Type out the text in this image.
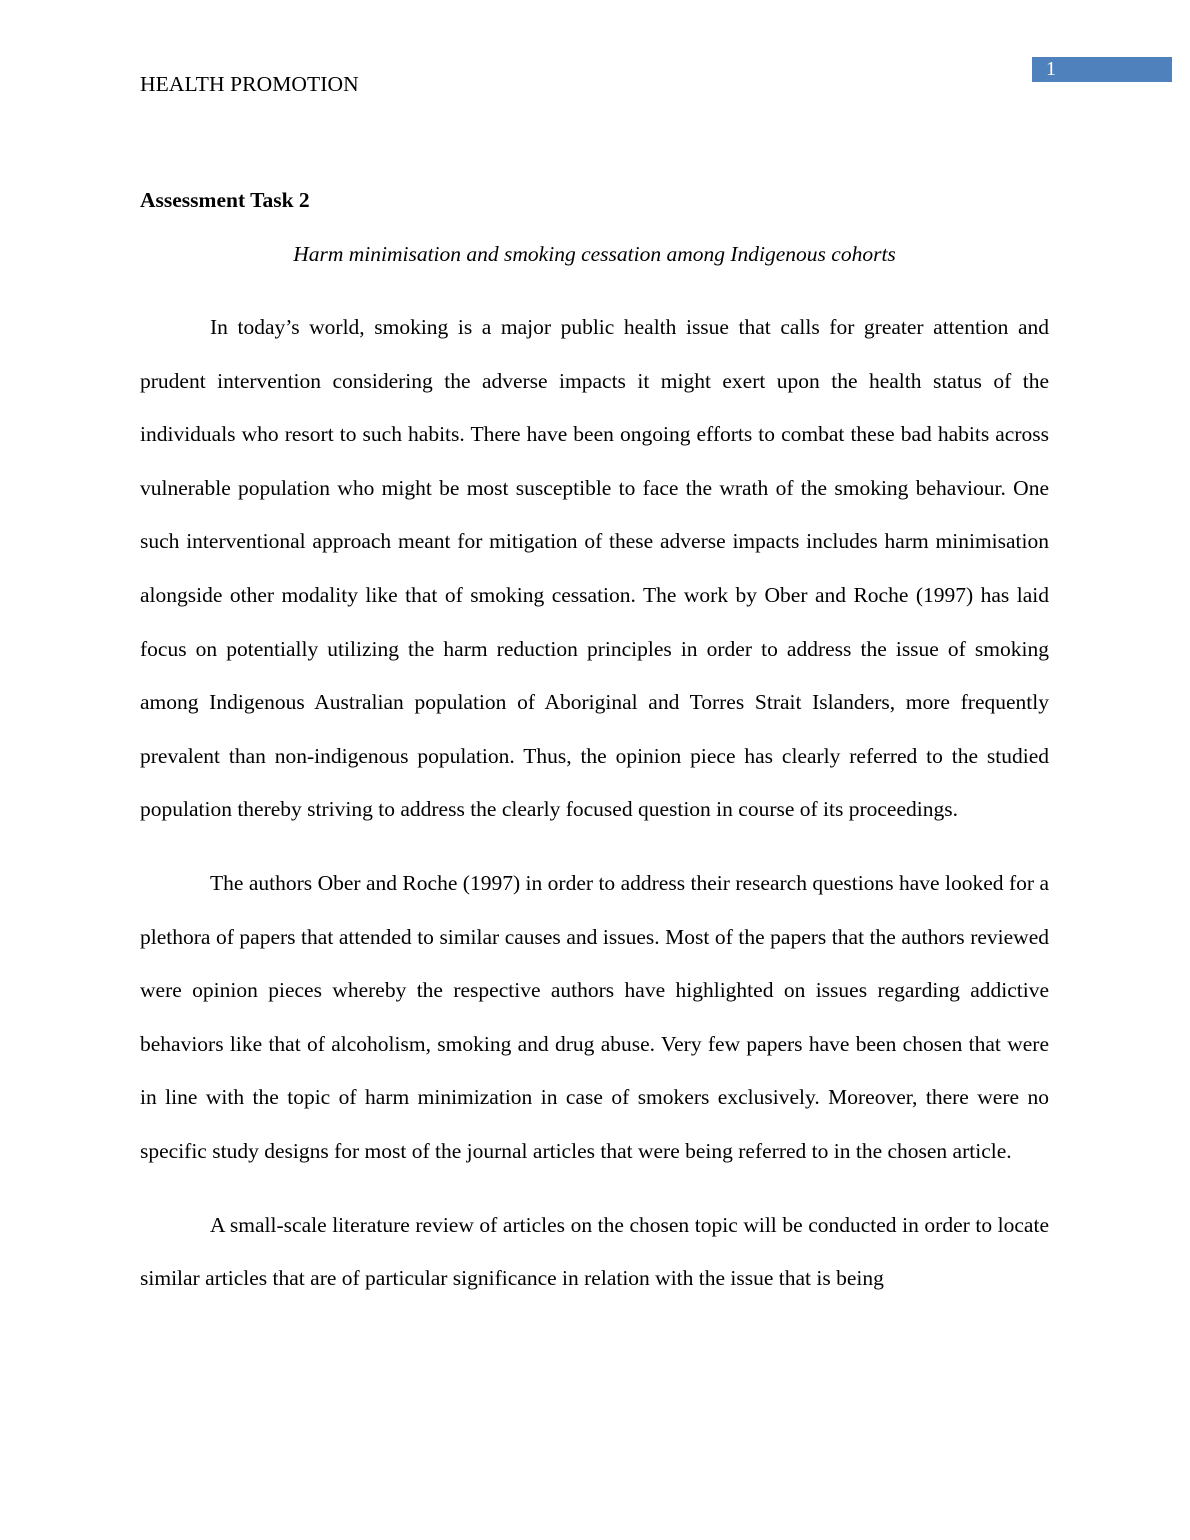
HEALTH PROMOTION
1
Assessment Task 2
Harm minimisation and smoking cessation among Indigenous cohorts

In today’s world, smoking is a major public health issue that calls for greater attention and prudent intervention considering the adverse impacts it might exert upon the health status of the individuals who resort to such habits. There have been ongoing efforts to combat these bad habits across vulnerable population who might be most susceptible to face the wrath of the smoking behaviour. One such interventional approach meant for mitigation of these adverse impacts includes harm minimisation alongside other modality like that of smoking cessation. The work by Ober and Roche (1997) has laid focus on potentially utilizing the harm reduction principles in order to address the issue of smoking among Indigenous Australian population of Aboriginal and Torres Strait Islanders, more frequently prevalent than non-indigenous population. Thus, the opinion piece has clearly referred to the studied population thereby striving to address the clearly focused question in course of its proceedings.

The authors Ober and Roche (1997) in order to address their research questions have looked for a plethora of papers that attended to similar causes and issues. Most of the papers that the authors reviewed were opinion pieces whereby the respective authors have highlighted on issues regarding addictive behaviors like that of alcoholism, smoking and drug abuse. Very few papers have been chosen that were in line with the topic of harm minimization in case of smokers exclusively. Moreover, there were no specific study designs for most of the journal articles that were being referred to in the chosen article.

A small-scale literature review of articles on the chosen topic will be conducted in order to locate similar articles that are of particular significance in relation with the issue that is being
